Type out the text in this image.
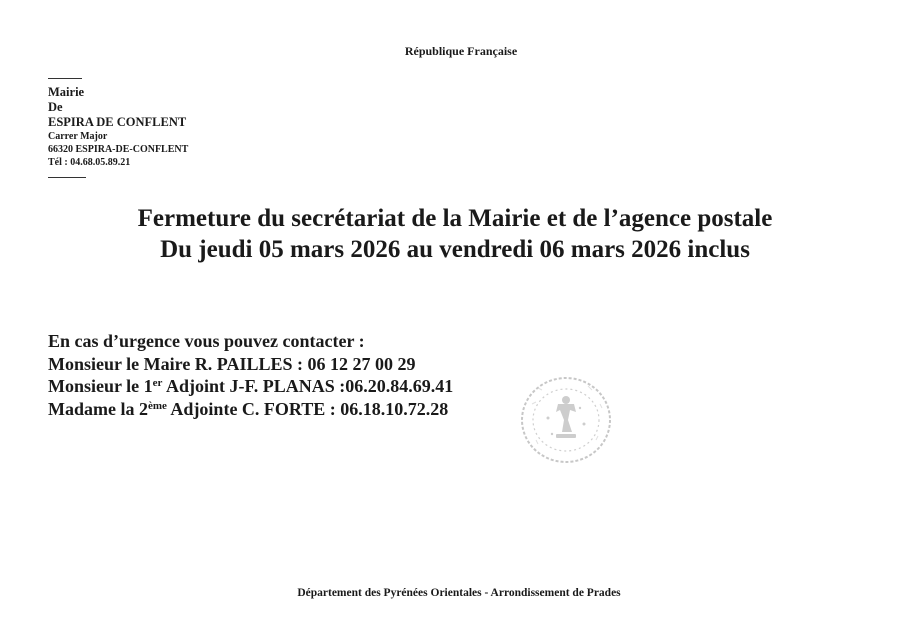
République Française
Mairie
De
ESPIRA DE CONFLENT
Carrer Major
66320 ESPIRA-DE-CONFLENT
Tél : 04.68.05.89.21
Fermeture du secrétariat de la Mairie et de l’agence postale
Du jeudi 05 mars 2026 au vendredi 06 mars 2026 inclus
En cas d’urgence vous pouvez contacter :
Monsieur le Maire R. PAILLES : 06 12 27 00 29
Monsieur le 1er Adjoint J-F. PLANAS :06.20.84.69.41
Madame la 2ème Adjointe C. FORTE : 06.18.10.72.28
Département des Pyrénées Orientales - Arrondissement de Prades
